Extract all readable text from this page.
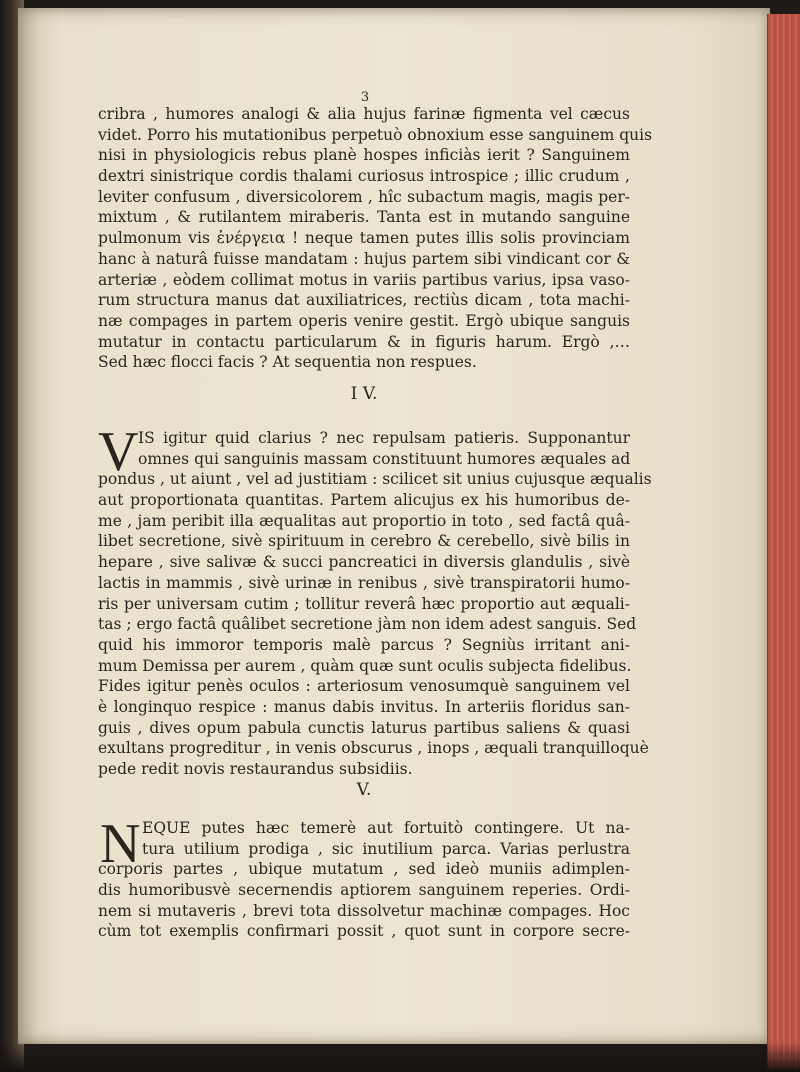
3
cribra , humores analogi & alia hujus farinæ figmenta vel cæcus
videt. Porro his mutationibus perpetuò obnoxium esse sanguinem quis
nisi in physiologicis rebus planè hospes inficiàs ierit ? Sanguinem
dextri sinistrique cordis thalami curiosus introspice ; illic crudum ,
leviter confusum , diversicolorem , hîc subactum magis, magis per-
mixtum , & rutilantem miraberis. Tanta est in mutando sanguine
pulmonum vis ἐνέργεια ! neque tamen putes illis solis provinciam
hanc à naturâ fuisse mandatam : hujus partem sibi vindicant cor &
arteriæ , eòdem collimat motus in variis partibus varius, ipsa vaso-
rum structura manus dat auxiliatrices, rectiùs dicam , tota machi-
næ compages in partem operis venire gestit. Ergò ubique sanguis
mutatur in contactu particularum & in figuris harum. Ergò ,…
Sed hæc flocci facis ? At sequentia non respues.
I V.
V IS igitur quid clarius ? nec repulsam patieris. Supponantur
omnes qui sanguinis massam constituunt humores æquales ad
pondus , ut aiunt , vel ad justitiam : scilicet sit unius cujusque æqualis
aut proportionata quantitas. Partem alicujus ex his humoribus de-
me , jam peribit illa æqualitas aut proportio in toto , sed factâ quâ-
libet secretione, sivè spirituum in cerebro & cerebello, sivè bilis in
hepare , sive salivæ & succi pancreatici in diversis glandulis , sivè
lactis in mammis , sivè urinæ in renibus , sivè transpiratorii humo-
ris per universam cutim ; tollitur reverâ hæc proportio aut æquali-
tas ; ergo factâ quâlibet secretione jàm non idem adest sanguis. Sed
quid his immoror temporis malè parcus ? Segniùs irritant ani-
mum Demissa per aurem , quàm quæ sunt oculis subjecta fidelibus.
Fides igitur penès oculos : arteriosum venosumquè sanguinem vel
è longinquo respice : manus dabis invitus. In arteriis floridus san-
guis , dives opum pabula cunctis laturus partibus saliens & quasi
exultans progreditur , in venis obscurus , inops , æquali tranquilloquè
pede redit novis restaurandus subsidiis.
V.
N EQUE putes hæc temerè aut fortuitò contingere. Ut na-
tura utilium prodiga , sic inutilium parca. Varias perlustra
corporis partes , ubique mutatum , sed ideò muniis adimplen-
dis humoribusvè secernendis aptiorem sanguinem reperies. Ordi-
nem si mutaveris , brevi tota dissolvetur machinæ compages. Hoc
cùm tot exemplis confirmari possit , quot sunt in corpore secre-
